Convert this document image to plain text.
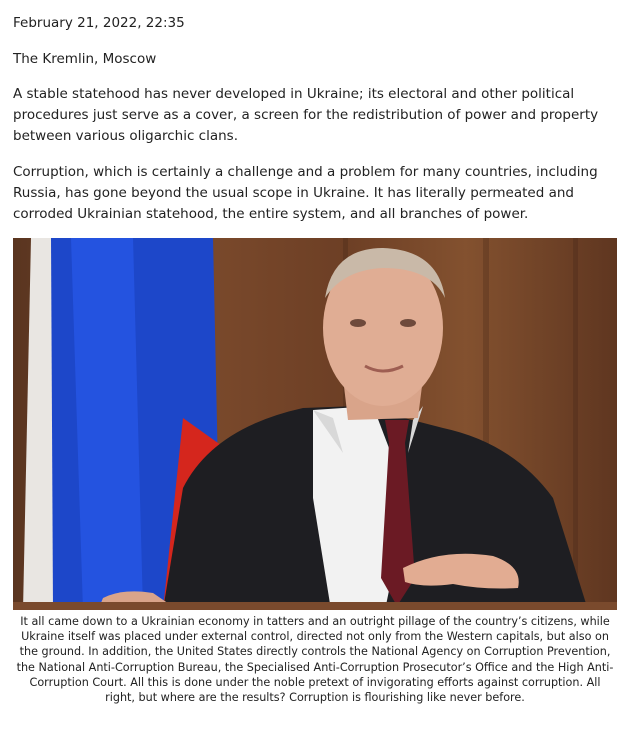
February 21, 2022, 22:35
The Kremlin, Moscow

A stable statehood has never developed in Ukraine; its electoral and other political procedures just serve as a cover, a screen for the redistribution of power and property between various oligarchic clans.

Corruption, which is certainly a challenge and a problem for many countries, including Russia, has gone beyond the usual scope in Ukraine. It has literally permeated and corroded Ukrainian statehood, the entire system, and all branches of power.

It all came down to a Ukrainian economy in tatters and an outright pillage of the country’s citizens, while Ukraine itself was placed under external control, directed not only from the Western capitals, but also on the ground. In addition, the United States directly controls the National Agency on Corruption Prevention, the National Anti-Corruption Bureau, the Specialised Anti-Corruption Prosecutor’s Office and the High Anti-Corruption Court. All this is done under the noble pretext of invigorating efforts against corruption. All right, but where are the results? Corruption is flourishing like never before.
